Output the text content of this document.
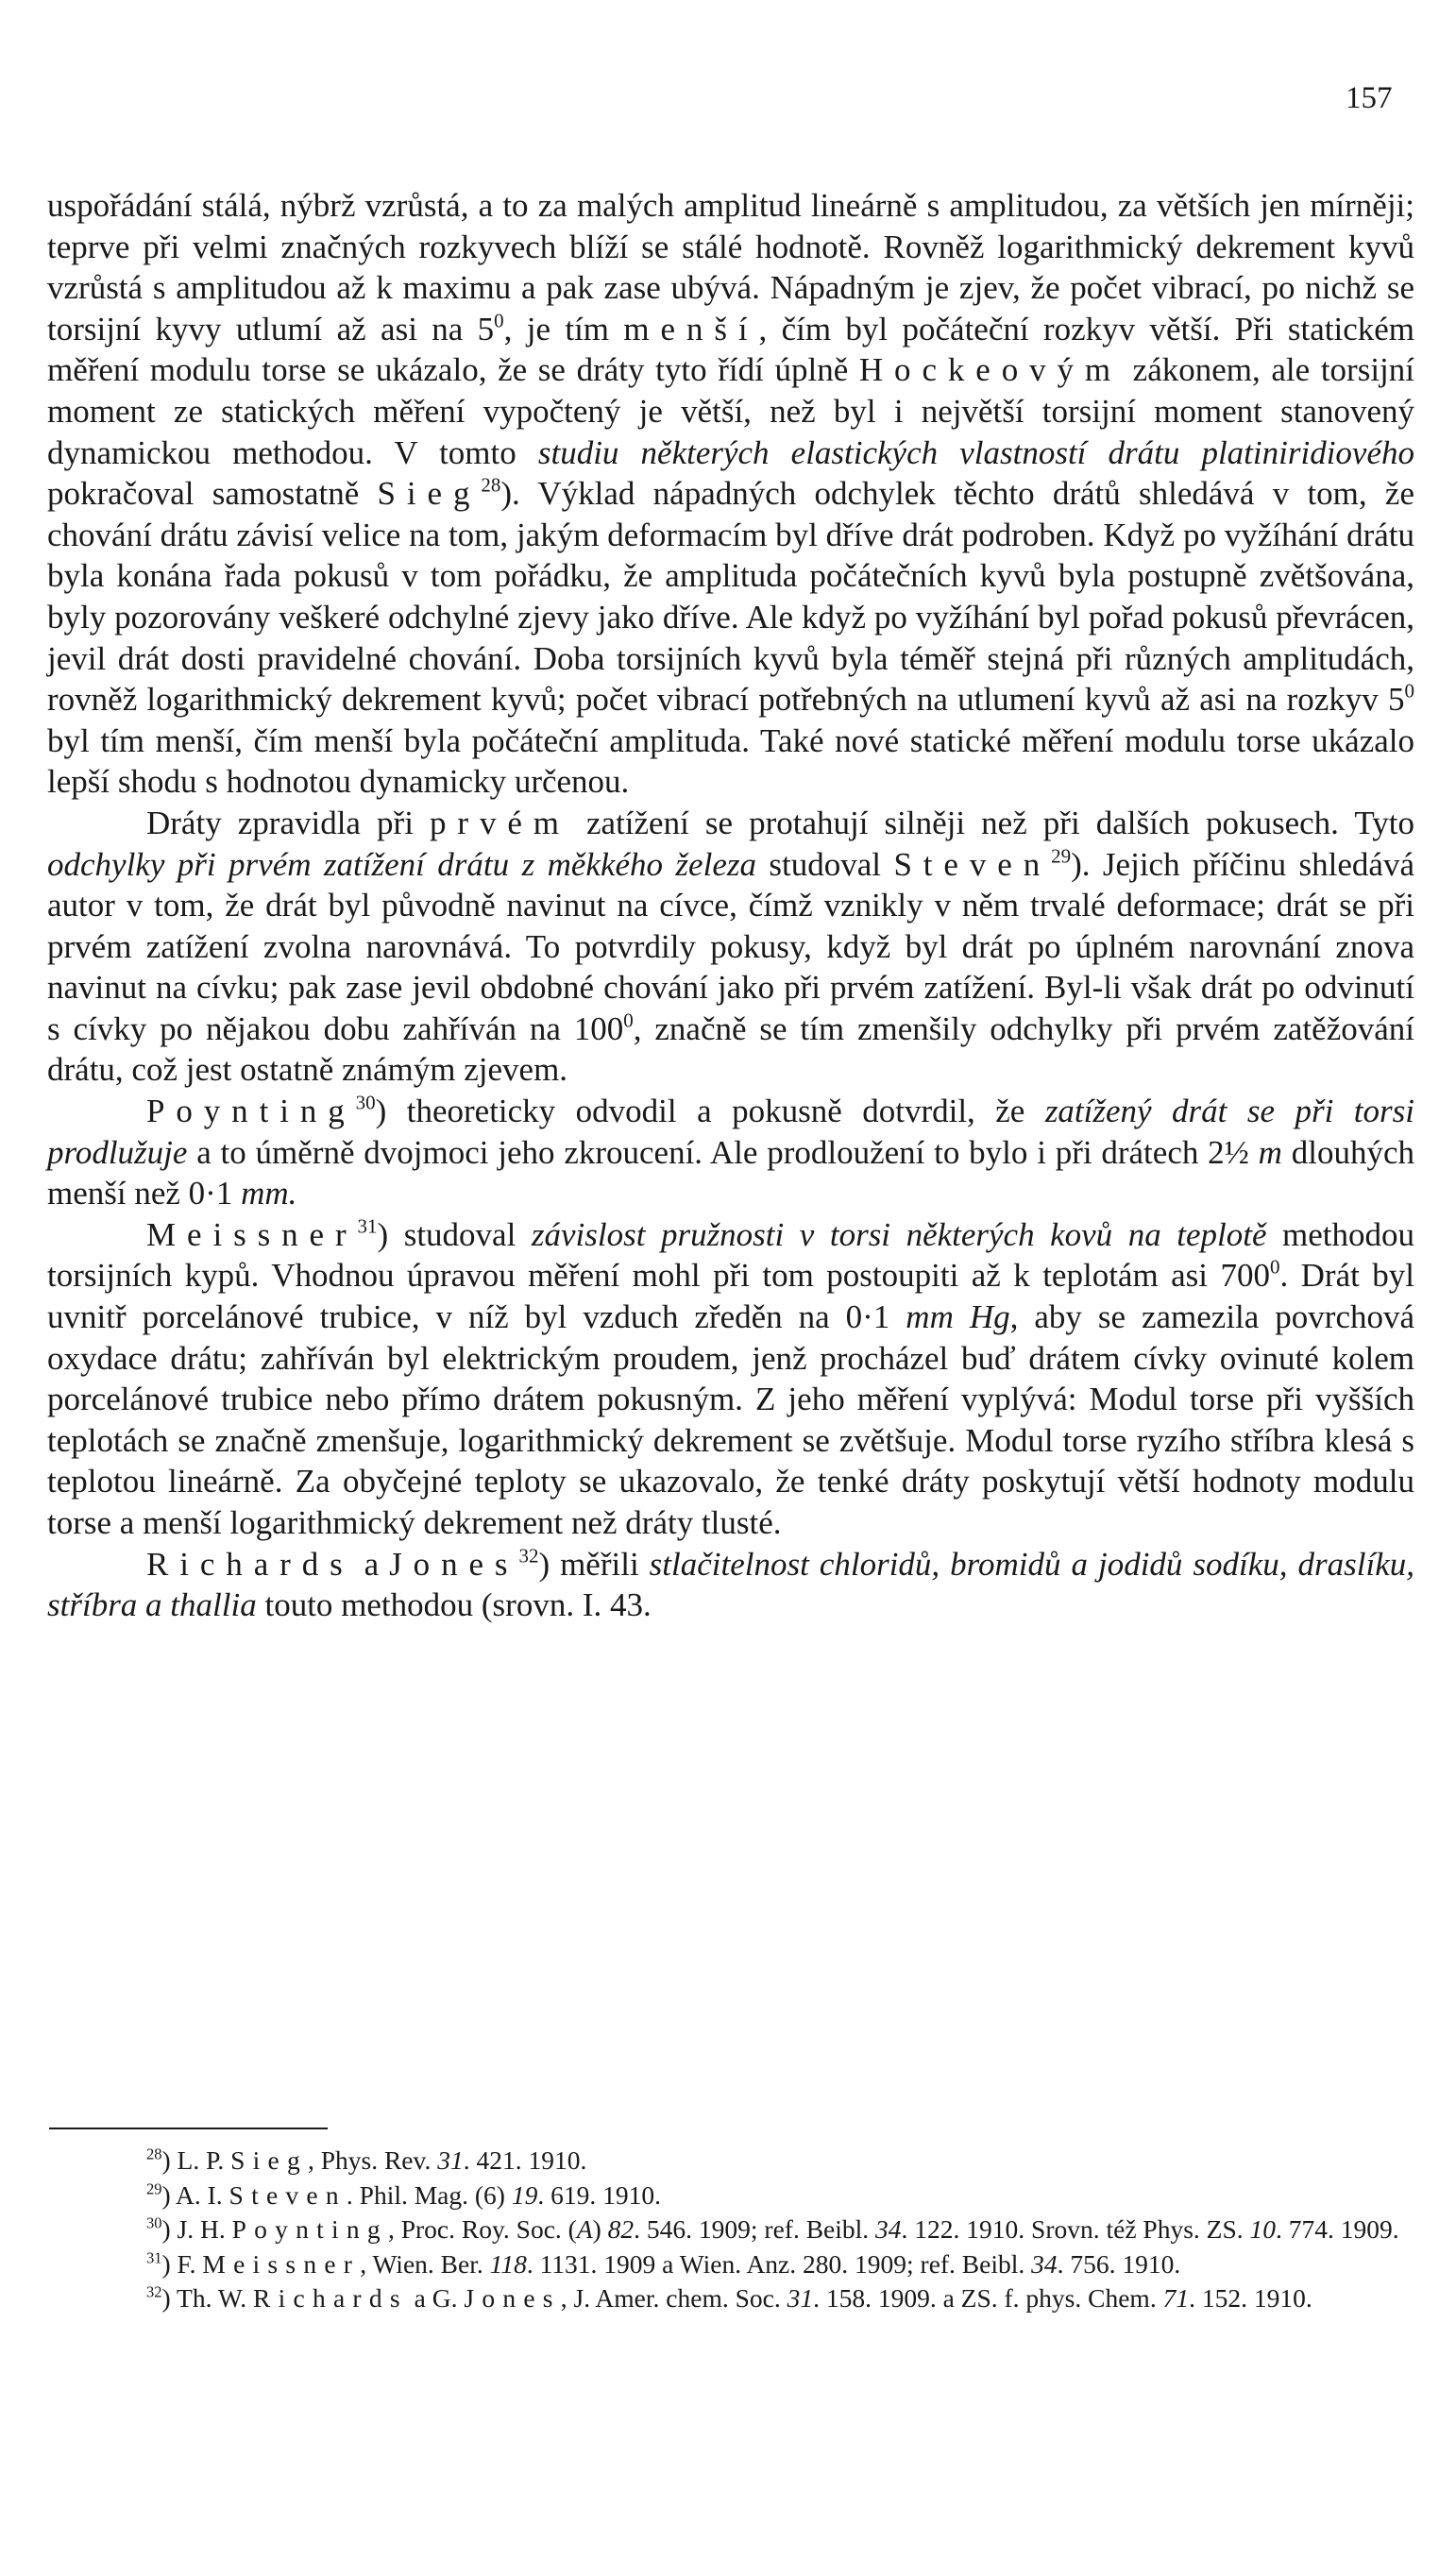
157

uspořádání stálá, nýbrž vzrůstá, a to za malých amplitud lineárně s amplitudou, za větších jen mírněji; teprve při velmi značných rozkyvech blíží se stálé hodnotě. Rovněž logarithmický dekrement kyvů vzrůstá s amplitudou až k maximu a pak zase ubývá. Nápadným je zjev, že počet vibrací, po nichž se torsijní kyvy utlumí až asi na $5^0$, je tím menší, čím byl počáteční rozkyv větší. Při statickém měření modulu torse se ukázalo, že se dráty tyto řídí úplně Hockeovým zákonem, ale torsijní moment ze statických měření vypočtený je větší, než byl i největší torsijní moment stanovený dynamickou methodou. V tomto studiu některých elastických vlastností drátu platiniridiového pokračoval samostatně Sieg$^{28}$). Výklad nápadných odchylek těchto drátů shledává v tom, že chování drátu závisí velice na tom, jakým deformacím byl dříve drát podroben. Když po vyžíhání drátu byla konána řada pokusů v tom pořádku, že amplituda počátečních kyvů byla postupně zvětšována, byly pozorovány veškeré odchylné zjevy jako dříve. Ale když po vyžíhání byl pořad pokusů převrácen, jevil drát dosti pravidelné chování. Doba torsijních kyvů byla téměř stejná při různých amplitudách, rovněž logarithmický dekrement kyvů; počet vibrací potřebných na utlumení kyvů až asi na rozkyv $5^0$ byl tím menší, čím menší byla počáteční amplituda. Také nové statické měření modulu torse ukázalo lepší shodu s hodnotou dynamicky určenou.

Dráty zpravidla při prvém zatížení se protahují silněji než při dalších pokusech. Tyto odchylky při prvém zatížení drátu z měkkého železa studoval Steven$^{29}$). Jejich příčinu shledává autor v tom, že drát byl původně navinut na cívce, čímž vznikly v něm trvalé deformace; drát se při prvém zatížení zvolna narovnává. To potvrdily pokusy, když byl drát po úplném narovnání znova navinut na cívku; pak zase jevil obdobné chování jako při prvém zatížení. Byl-li však drát po odvinutí s cívky po nějakou dobu zahříván na $100^0$, značně se tím zmenšily odchylky při prvém zatěžování drátu, což jest ostatně známým zjevem.

Poynting$^{30}$) theoreticky odvodil a pokusně dotvrdil, že zatížený drát se při torsi prodlužuje a to úměrně dvojmoci jeho zkroucení. Ale prodloužení to bylo i při drátech 2½ m dlouhých menší než 0·1 mm.

Meissner$^{31}$) studoval závislost pružnosti v torsi některých kovů na teplotě methodou torsijních kypů. Vhodnou úpravou měření mohl při tom postoupiti až k teplotám asi $700^0$. Drát byl uvnitř porcelánové trubice, v níž byl vzduch zředěn na 0·1 mm Hg, aby se zamezila povrchová oxydace drátu; zahříván byl elektrickým proudem, jenž procházel buď drátem cívky ovinuté kolem porcelánové trubice nebo přímo drátem pokusným. Z jeho měření vyplývá: Modul torse při vyšších teplotách se značně zmenšuje, logarithmický dekrement se zvětšuje. Modul torse ryzího stříbra klesá s teplotou lineárně. Za obyčejné teploty se ukazovalo, že tenké dráty poskytují větší hodnoty modulu torse a menší logarithmický dekrement než dráty tlusté.

Richards a Jones$^{32}$) měřili stlačitelnost chloridů, bromidů a jodidů sodíku, draslíku, stříbra a thallia touto methodou (srovn. I. 43.

$^{28}$) L. P. Sieg, Phys. Rev. 31. 421. 1910.

$^{29}$) A. I. Steven. Phil. Mag. (6) 19. 619. 1910.

$^{30}$) J. H. Poynting, Proc. Roy. Soc. (A) 82. 546. 1909; ref. Beibl. 34. 122. 1910. Srovn. též Phys. ZS. 10. 774. 1909.

$^{31}$) F. Meissner, Wien. Ber. 118. 1131. 1909 a Wien. Anz. 280. 1909; ref. Beibl. 34. 756. 1910.

$^{32}$) Th. W. Richards a G. Jones, J. Amer. chem. Soc. 31. 158. 1909. a ZS. f. phys. Chem. 71. 152. 1910.
